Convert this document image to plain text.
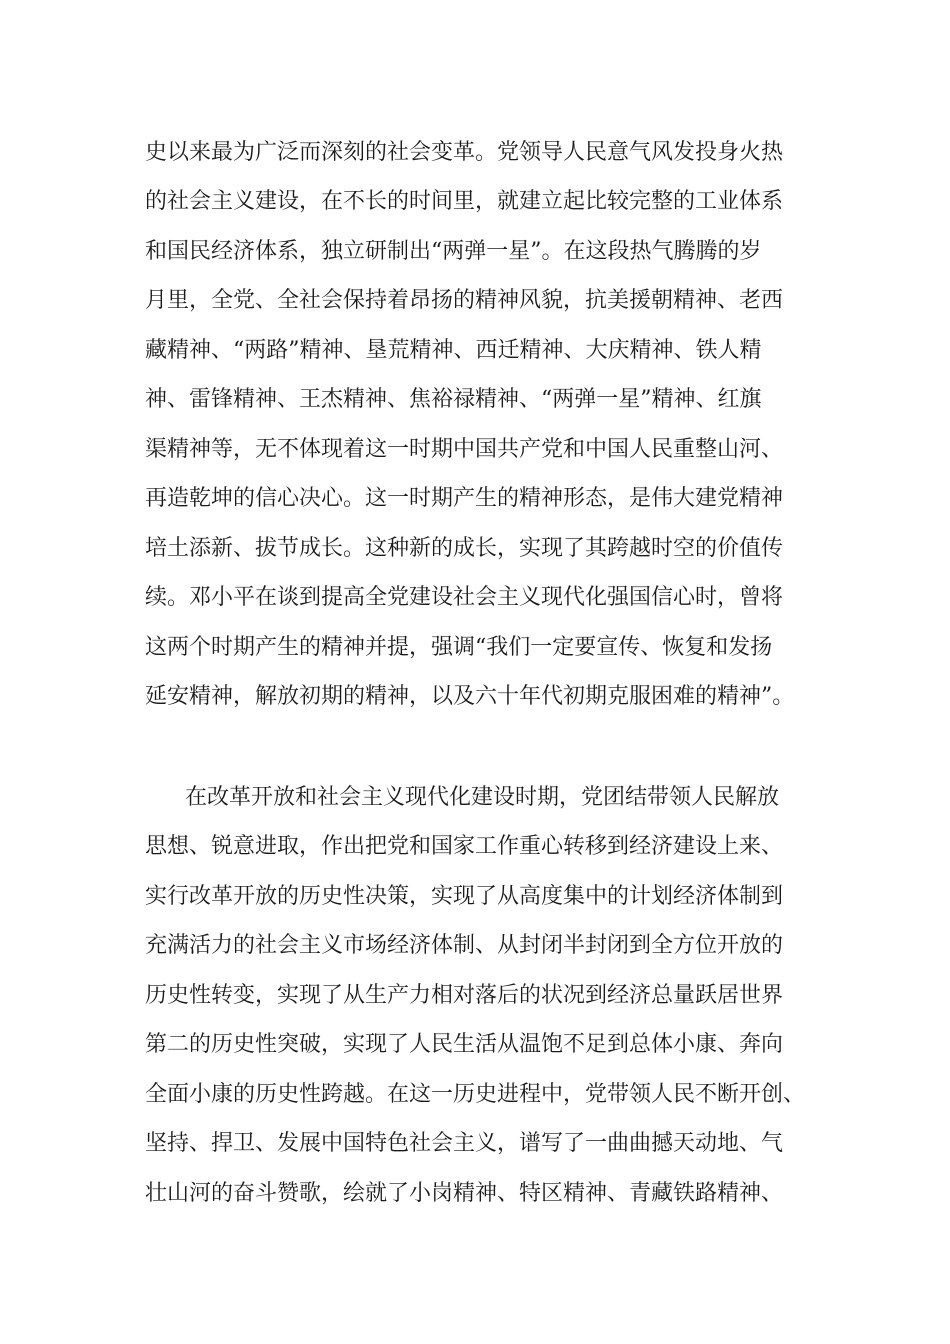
史以来最为广泛而深刻的社会变革。党领导人民意气风发投身火热
的社会主义建设，在不长的时间里，就建立起比较完整的工业体系
和国民经济体系，独立研制出“两弹一星”。在这段热气腾腾的岁
月里，全党、全社会保持着昂扬的精神风貌，抗美援朝精神、老西
藏精神、“两路”精神、垦荒精神、西迁精神、大庆精神、铁人精
神、雷锋精神、王杰精神、焦裕禄精神、“两弹一星”精神、红旗
渠精神等，无不体现着这一时期中国共产党和中国人民重整山河、
再造乾坤的信心决心。这一时期产生的精神形态，是伟大建党精神
培土添新、拔节成长。这种新的成长，实现了其跨越时空的价值传
续。邓小平在谈到提高全党建设社会主义现代化强国信心时，曾将
这两个时期产生的精神并提，强调“我们一定要宣传、恢复和发扬
延安精神，解放初期的精神，以及六十年代初期克服困难的精神”。
在改革开放和社会主义现代化建设时期，党团结带领人民解放
思想、锐意进取，作出把党和国家工作重心转移到经济建设上来、
实行改革开放的历史性决策，实现了从高度集中的计划经济体制到
充满活力的社会主义市场经济体制、从封闭半封闭到全方位开放的
历史性转变，实现了从生产力相对落后的状况到经济总量跃居世界
第二的历史性突破，实现了人民生活从温饱不足到总体小康、奔向
全面小康的历史性跨越。在这一历史进程中，党带领人民不断开创、
坚持、捍卫、发展中国特色社会主义，谱写了一曲曲撼天动地、气
壮山河的奋斗赞歌，绘就了小岗精神、特区精神、青藏铁路精神、
